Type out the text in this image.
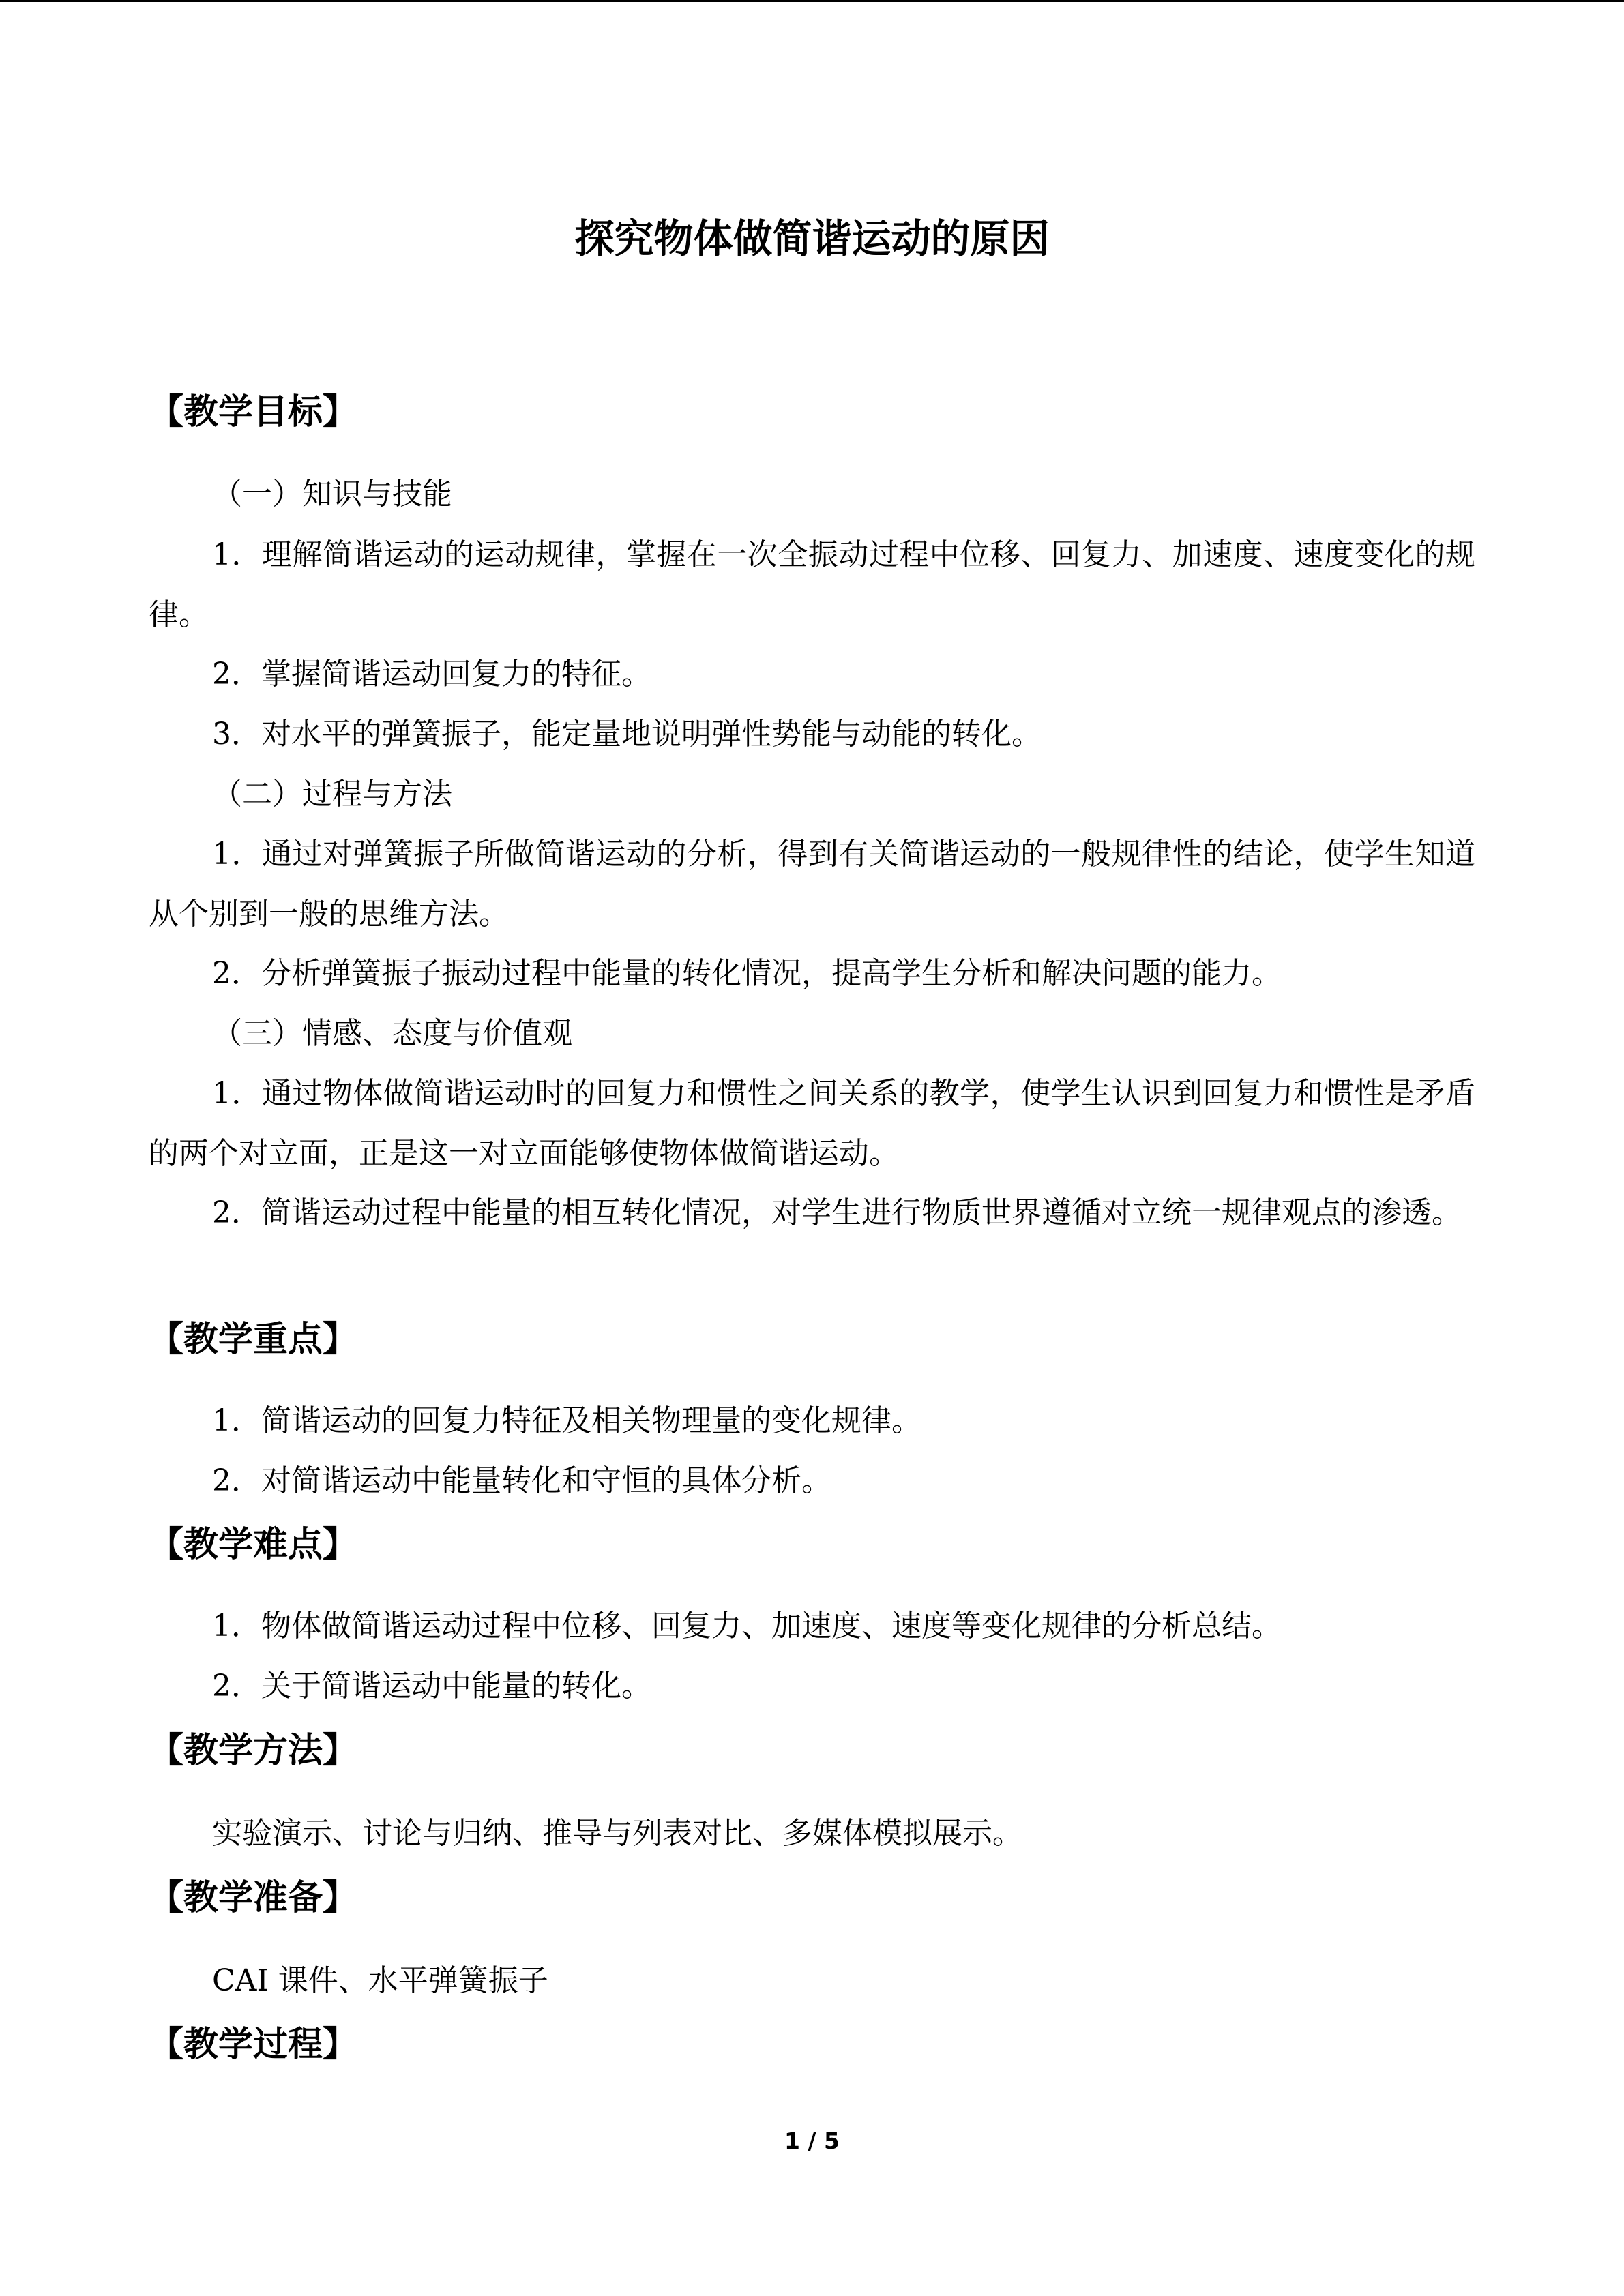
探究物体做简谐运动的原因
【教学目标】

（一）知识与技能

1．理解简谐运动的运动规律，掌握在一次全振动过程中位移、回复力、加速度、速度变化的规律。

2．掌握简谐运动回复力的特征。

3．对水平的弹簧振子，能定量地说明弹性势能与动能的转化。

（二）过程与方法

1．通过对弹簧振子所做简谐运动的分析，得到有关简谐运动的一般规律性的结论，使学生知道从个别到一般的思维方法。

2．分析弹簧振子振动过程中能量的转化情况，提高学生分析和解决问题的能力。

（三）情感、态度与价值观

1．通过物体做简谐运动时的回复力和惯性之间关系的教学，使学生认识到回复力和惯性是矛盾的两个对立面，正是这一对立面能够使物体做简谐运动。

2．简谐运动过程中能量的相互转化情况，对学生进行物质世界遵循对立统一规律观点的渗透。

【教学重点】

1．简谐运动的回复力特征及相关物理量的变化规律。

2．对简谐运动中能量转化和守恒的具体分析。

【教学难点】

1．物体做简谐运动过程中位移、回复力、加速度、速度等变化规律的分析总结。

2．关于简谐运动中能量的转化。

【教学方法】

实验演示、讨论与归纳、推导与列表对比、多媒体模拟展示。

【教学准备】

CAI 课件、水平弹簧振子

【教学过程】
1 / 5
